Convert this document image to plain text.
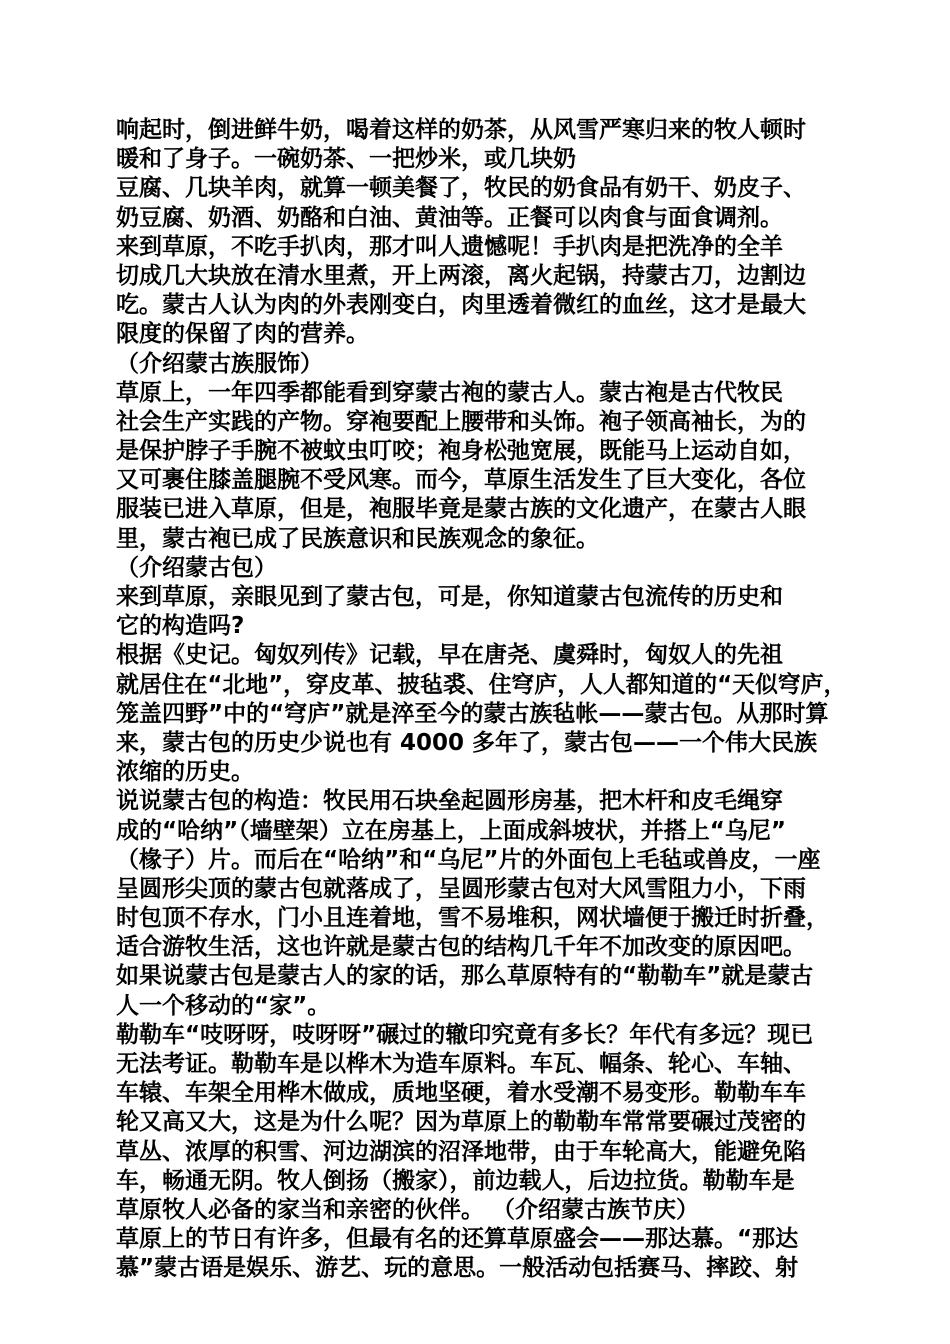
响起时，倒进鲜牛奶，喝着这样的奶茶，从风雪严寒归来的牧人顿时
暖和了身子。一碗奶茶、一把炒米，或几块奶
豆腐、几块羊肉，就算一顿美餐了，牧民的奶食品有奶干、奶皮子、
奶豆腐、奶酒、奶酪和白油、黄油等。正餐可以肉食与面食调剂。
来到草原，不吃手扒肉，那才叫人遗憾呢！手扒肉是把洗净的全羊
切成几大块放在清水里煮，开上两滚，离火起锅，持蒙古刀，边割边
吃。蒙古人认为肉的外表刚变白，肉里透着微红的血丝，这才是最大
限度的保留了肉的营养。
（介绍蒙古族服饰）
草原上，一年四季都能看到穿蒙古袍的蒙古人。蒙古袍是古代牧民
社会生产实践的产物。穿袍要配上腰带和头饰。袍子领高袖长，为的
是保护脖子手腕不被蚊虫叮咬；袍身松弛宽展，既能马上运动自如，
又可裹住膝盖腿腕不受风寒。而今，草原生活发生了巨大变化，各位
服装已进入草原，但是，袍服毕竟是蒙古族的文化遗产，在蒙古人眼
里，蒙古袍已成了民族意识和民族观念的象征。
（介绍蒙古包）
来到草原，亲眼见到了蒙古包，可是，你知道蒙古包流传的历史和
它的构造吗?
根据《史记。匈奴列传》记载，早在唐尧、虞舜时，匈奴人的先祖
就居住在“北地”，穿皮革、披毡裘、住穹庐，人人都知道的“天似穹庐，
笼盖四野”中的“穹庐”就是淬至今的蒙古族毡帐——蒙古包。从那时算
来，蒙古包的历史少说也有 4000 多年了，蒙古包——一个伟大民族
浓缩的历史。
说说蒙古包的构造：牧民用石块垒起圆形房基，把木杆和皮毛绳穿
成的“哈纳”（墙壁架）立在房基上，上面成斜坡状，并搭上“乌尼”
（椽子）片。而后在“哈纳”和“乌尼”片的外面包上毛毡或兽皮，一座
呈圆形尖顶的蒙古包就落成了，呈圆形蒙古包对大风雪阻力小，下雨
时包顶不存水，门小且连着地，雪不易堆积，网状墙便于搬迁时折叠，
适合游牧生活，这也许就是蒙古包的结构几千年不加改变的原因吧。
如果说蒙古包是蒙古人的家的话，那么草原特有的“勒勒车”就是蒙古
人一个移动的“家”。
勒勒车“吱呀呀，吱呀呀”碾过的辙印究竟有多长？年代有多远？现已
无法考证。勒勒车是以桦木为造车原料。车瓦、幅条、轮心、车轴、
车辕、车架全用桦木做成，质地坚硬，着水受潮不易变形。勒勒车车
轮又高又大，这是为什么呢？因为草原上的勒勒车常常要碾过茂密的
草丛、浓厚的积雪、河边湖滨的沼泽地带，由于车轮高大，能避免陷
车，畅通无阴。牧人倒扬（搬家），前边载人，后边拉货。勒勒车是
草原牧人必备的家当和亲密的伙伴。 （介绍蒙古族节庆）
草原上的节日有许多，但最有名的还算草原盛会——那达慕。“那达
慕”蒙古语是娱乐、游艺、玩的意思。一般活动包括赛马、摔跤、射
